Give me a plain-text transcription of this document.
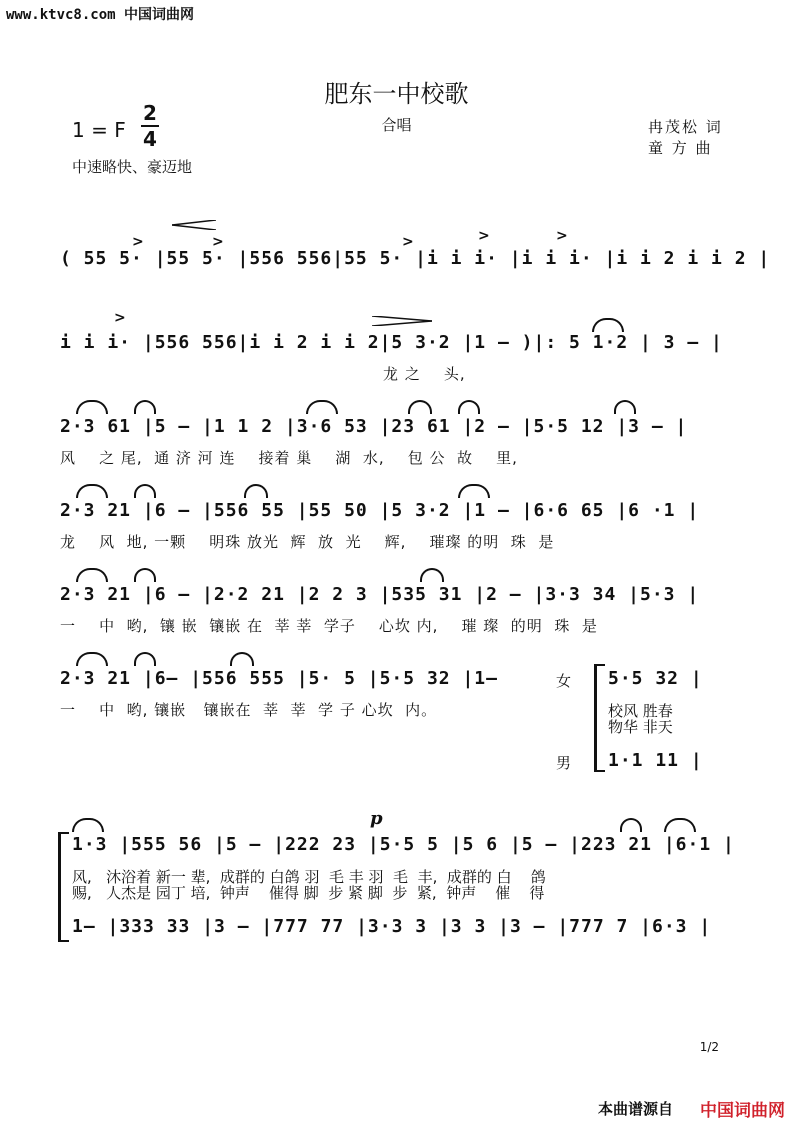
www.ktvc8.com 中国词曲网
肥东一中校歌
合唱
1 = F
2
4
中速略快、豪迈地
冉茂松 词
童 方 曲
>	>	>	>	>
>
( 55 5· |55 5· |556 556|55 5· |i i i· |i i i· |i i 2 i i 2 |
i i i· |556 556|i i 2 i i 2|5 3·2 |1 – )|: 5 1·2 | 3 – |
龙 之    头,
2·3 61 |5 – |1 1 2 |3·6 53 |23 61 |2 – |5·5 12 |3 – |
风    之 尾,  通 济 河 连    接着 巢    湖  水,    包 公  故    里,
2·3 21 |6 – |556 55 |55 50 |5 3·2 |1 – |6·6 65 |6 ·1 |
龙    风  地, 一颗    明珠 放光  辉  放  光    辉,    璀璨 的明  珠  是
2·3 21 |6 – |2·2 21 |2 2 3 |535 31 |2 – |3·3 34 |5·3 |
一    中  哟,  镶 嵌  镶嵌 在  莘 莘  学子    心坎 内,    璀 璨  的明  珠  是
2·3 21 |6– |556 555 |5· 5 |5·5 32 |1–
一    中  哟, 镶嵌   镶嵌在  莘  莘  学 子 心坎  内。
女
男
5·5 32 |
校风 胜春
物华 非天
1·1 11 |
p
1·3 |555 56 |5 – |222 23 |5·5 5 |5 6 |5 – |223 21 |6·1 |
风,   沐浴着 新一 辈,  成群的 白鸽 羽  毛 丰 羽  毛  丰,  成群的 白    鸽
赐,   人杰是 园丁 培,  钟声    催得 脚  步 紧 脚  步  紧,  钟声    催    得
1– |333 33 |3 – |777 77 |3·3 3 |3 3 |3 – |777 7 |6·3 |
1/2
本曲谱源自 中国词曲网
